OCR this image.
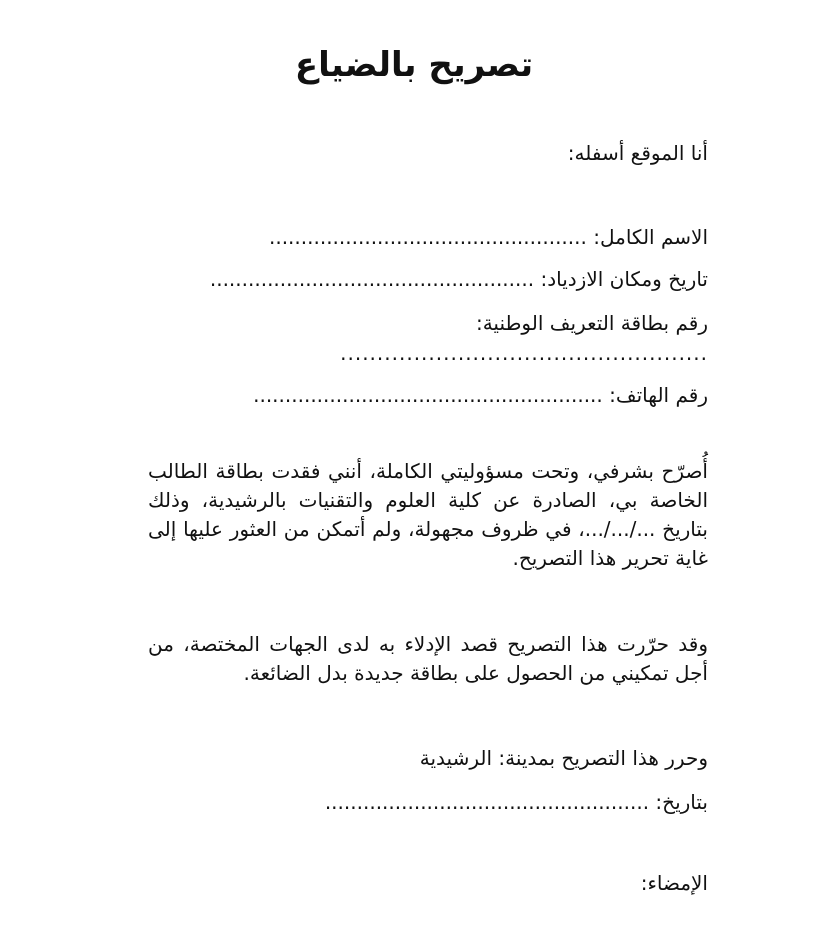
تصريح بالضياع
أنا الموقع أسفله:
الاسم الكامل: ..................................................
تاريخ ومكان الازدياد: ...................................................
رقم بطاقة التعريف الوطنية:
..................................................
رقم الهاتف: .......................................................
أُصرّح بشرفي، وتحت مسؤوليتي الكاملة، أنني فقدت بطاقة الطالب الخاصة بي، الصادرة عن كلية العلوم والتقنيات بالرشيدية، وذلك بتاريخ .../.../...، في ظروف مجهولة، ولم أتمكن من العثور عليها إلى غاية تحرير هذا التصريح.
وقد حرّرت هذا التصريح قصد الإدلاء به لدى الجهات المختصة، من أجل تمكيني من الحصول على بطاقة جديدة بدل الضائعة.
وحرر هذا التصريح بمدينة: الرشيدية
بتاريخ: ...................................................
الإمضاء:
